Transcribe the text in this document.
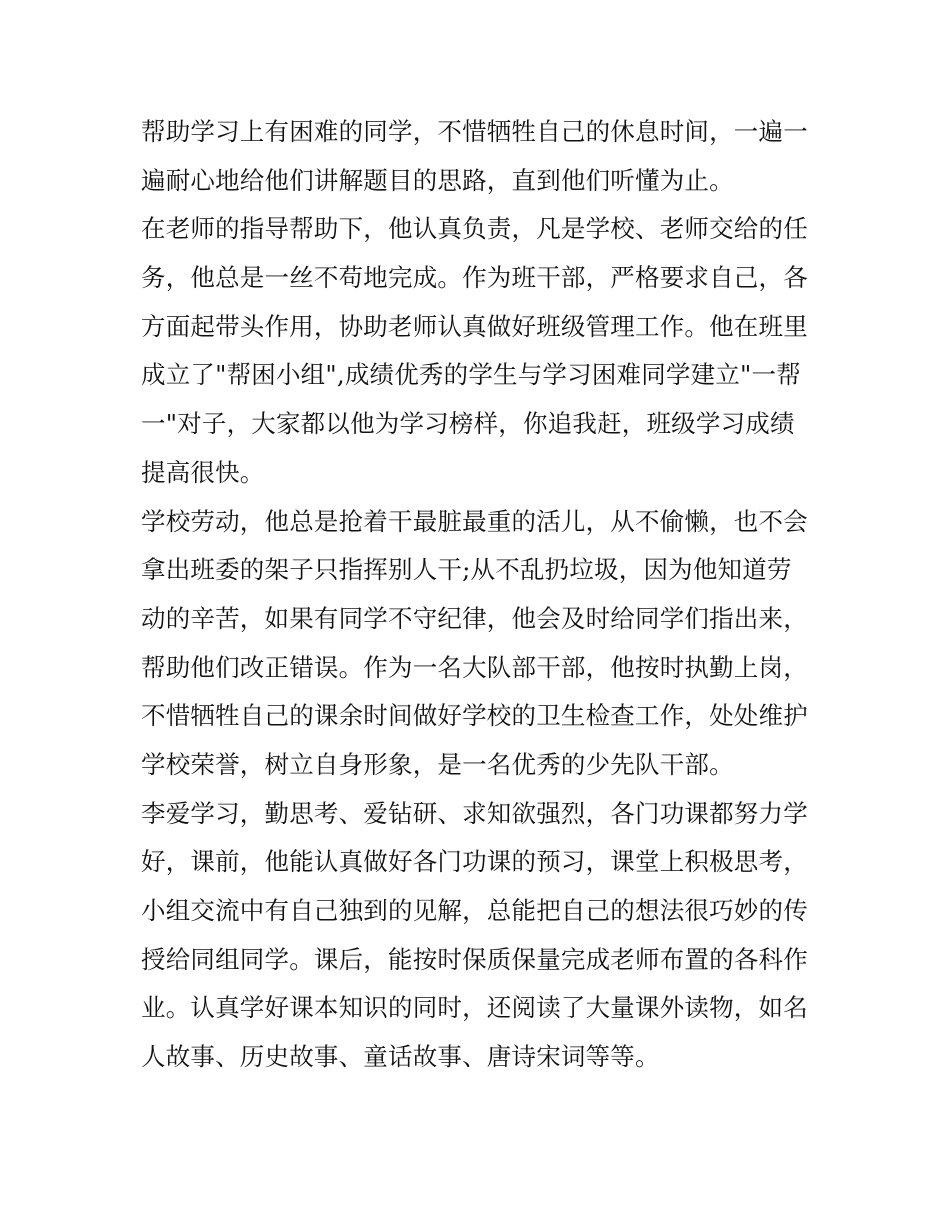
帮助学习上有困难的同学，不惜牺牲自己的休息时间，一遍一
遍耐心地给他们讲解题目的思路，直到他们听懂为止。

在老师的指导帮助下，他认真负责，凡是学校、老师交给的任
务，他总是一丝不苟地完成。作为班干部，严格要求自己，各
方面起带头作用，协助老师认真做好班级管理工作。他在班里
成立了"帮困小组",成绩优秀的学生与学习困难同学建立"一帮
一"对子，大家都以他为学习榜样，你追我赶，班级学习成绩
提高很快。

学校劳动，他总是抢着干最脏最重的活儿，从不偷懒，也不会
拿出班委的架子只指挥别人干;从不乱扔垃圾，因为他知道劳
动的辛苦，如果有同学不守纪律，他会及时给同学们指出来，
帮助他们改正错误。作为一名大队部干部，他按时执勤上岗，
不惜牺牲自己的课余时间做好学校的卫生检查工作，处处维护
学校荣誉，树立自身形象，是一名优秀的少先队干部。

李爱学习，勤思考、爱钻研、求知欲强烈，各门功课都努力学
好，课前，他能认真做好各门功课的预习，课堂上积极思考，
小组交流中有自己独到的见解，总能把自己的想法很巧妙的传
授给同组同学。课后，能按时保质保量完成老师布置的各科作
业。认真学好课本知识的同时，还阅读了大量课外读物，如名
人故事、历史故事、童话故事、唐诗宋词等等。
